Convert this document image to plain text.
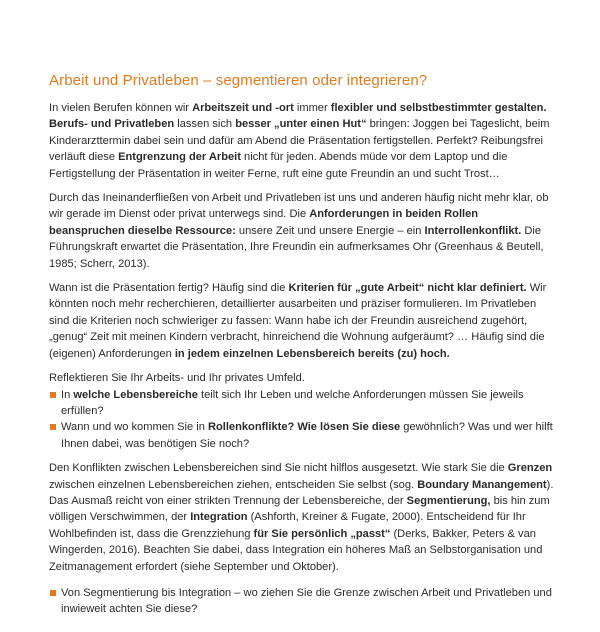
Arbeit und Privatleben – segmentieren oder integrieren?

In vielen Berufen können wir Arbeitszeit und -ort immer flexibler und selbstbestimmter gestalten. Berufs- und Privatleben lassen sich besser „unter einen Hut“ bringen: Joggen bei Tageslicht, beim Kinderarzttermin dabei sein und dafür am Abend die Präsentation fertigstellen. Perfekt? Reibungsfrei verläuft diese Entgrenzung der Arbeit nicht für jeden. Abends müde vor dem Laptop und die Fertigstellung der Präsentation in weiter Ferne, ruft eine gute Freundin an und sucht Trost…

Durch das Ineinanderfließen von Arbeit und Privatleben ist uns und anderen häufig nicht mehr klar, ob wir gerade im Dienst oder privat unterwegs sind. Die Anforderungen in beiden Rollen beanspruchen dieselbe Ressource: unsere Zeit und unsere Energie – ein Interrollenkonflikt. Die Führungskraft erwartet die Präsentation, Ihre Freundin ein aufmerksames Ohr (Greenhaus & Beutell, 1985; Scherr, 2013).

Wann ist die Präsentation fertig? Häufig sind die Kriterien für „gute Arbeit“ nicht klar definiert. Wir könnten noch mehr recherchieren, detaillierter ausarbeiten und präziser formulieren. Im Privatleben sind die Kriterien noch schwieriger zu fassen: Wann habe ich der Freundin ausreichend zugehört, „genug“ Zeit mit meinen Kindern verbracht, hinreichend die Wohnung aufgeräumt? … Häufig sind die (eigenen) Anforderungen in jedem einzelnen Lebensbereich bereits (zu) hoch.

Reflektieren Sie Ihr Arbeits- und Ihr privates Umfeld.

In welche Lebensbereiche teilt sich Ihr Leben und welche Anforderungen müssen Sie jeweils erfüllen?
Wann und wo kommen Sie in Rollenkonflikte? Wie lösen Sie diese gewöhnlich? Was und wer hilft Ihnen dabei, was benötigen Sie noch?

Den Konflikten zwischen Lebensbereichen sind Sie nicht hilflos ausgesetzt. Wie stark Sie die Grenzen zwischen einzelnen Lebensbereichen ziehen, entscheiden Sie selbst (sog. Boundary Manangement). Das Ausmaß reicht von einer strikten Trennung der Lebensbereiche, der Segmentierung, bis hin zum völligen Verschwimmen, der Integration (Ashforth, Kreiner & Fugate, 2000). Entscheidend für Ihr Wohlbefinden ist, dass die Grenzziehung für Sie persönlich „passt“ (Derks, Bakker, Peters & van Wingerden, 2016). Beachten Sie dabei, dass Integration ein höheres Maß an Selbstorganisation und Zeitmanagement erfordert (siehe September und Oktober).

Von Segmentierung bis Integration – wo ziehen Sie die Grenze zwischen Arbeit und Privatleben und inwieweit achten Sie diese?
